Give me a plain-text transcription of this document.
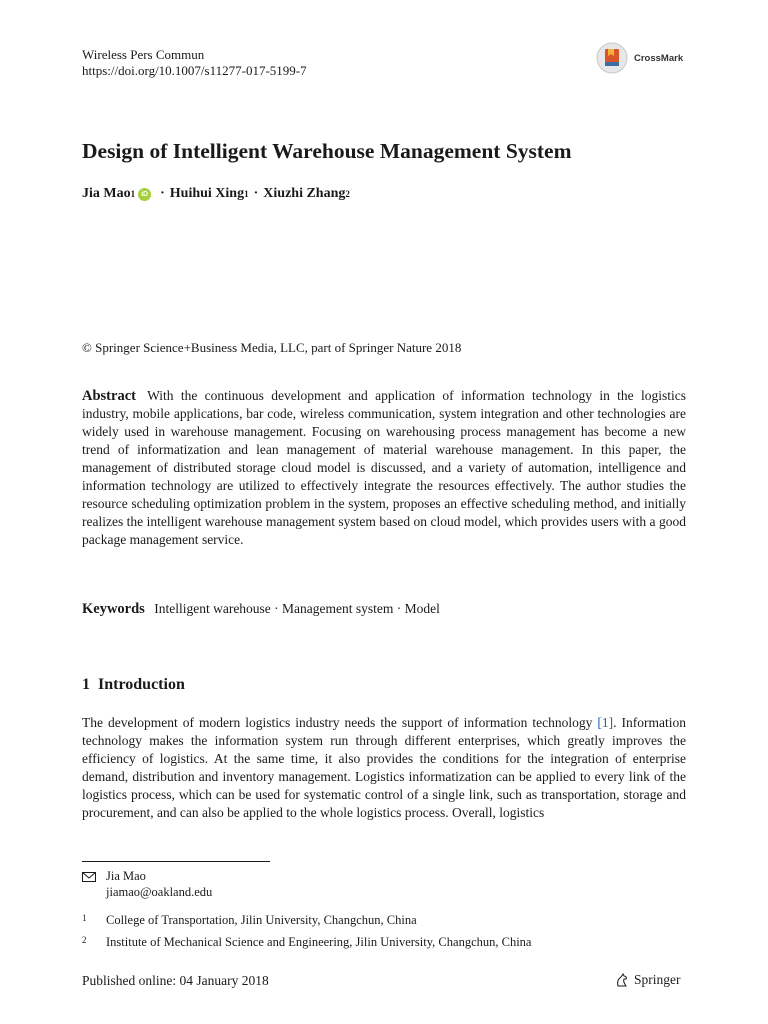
Wireless Pers Commun
https://doi.org/10.1007/s11277-017-5199-7
CrossMark
Design of Intelligent Warehouse Management System
Jia Mao 1 iD · Huihui Xing 1 · Xiuzhi Zhang 2
© Springer Science+Business Media, LLC, part of Springer Nature 2018

Abstract With the continuous development and application of information technology in the logistics industry, mobile applications, bar code, wireless communication, system integration and other technologies are widely used in warehouse management. Focusing on warehousing process management has become a new trend of informatization and lean management of material warehouse management. In this paper, the management of distributed storage cloud model is discussed, and a variety of automation, intelligence and information technology are utilized to effectively integrate the resources effectively. The author studies the resource scheduling optimization problem in the system, proposes an effective scheduling method, and initially realizes the intelligent warehouse management system based on cloud model, which provides users with a good package management service.

Keywords Intelligent warehouse · Management system · Model
1 Introduction

The development of modern logistics industry needs the support of information technology [1]. Information technology makes the information system run through different enterprises, which greatly improves the efficiency of logistics. At the same time, it also provides the conditions for the integration of enterprise demand, distribution and inventory management. Logistics informatization can be applied to every link of the logistics process, which can be used for systematic control of a single link, such as transportation, storage and procurement, and can also be applied to the whole logistics process. Overall, logistics

Jia Mao
jiamao@oakland.edu
1	College of Transportation, Jilin University, Changchun, China
2	Institute of Mechanical Science and Engineering, Jilin University, Changchun, China
Published online: 04 January 2018	Springer
